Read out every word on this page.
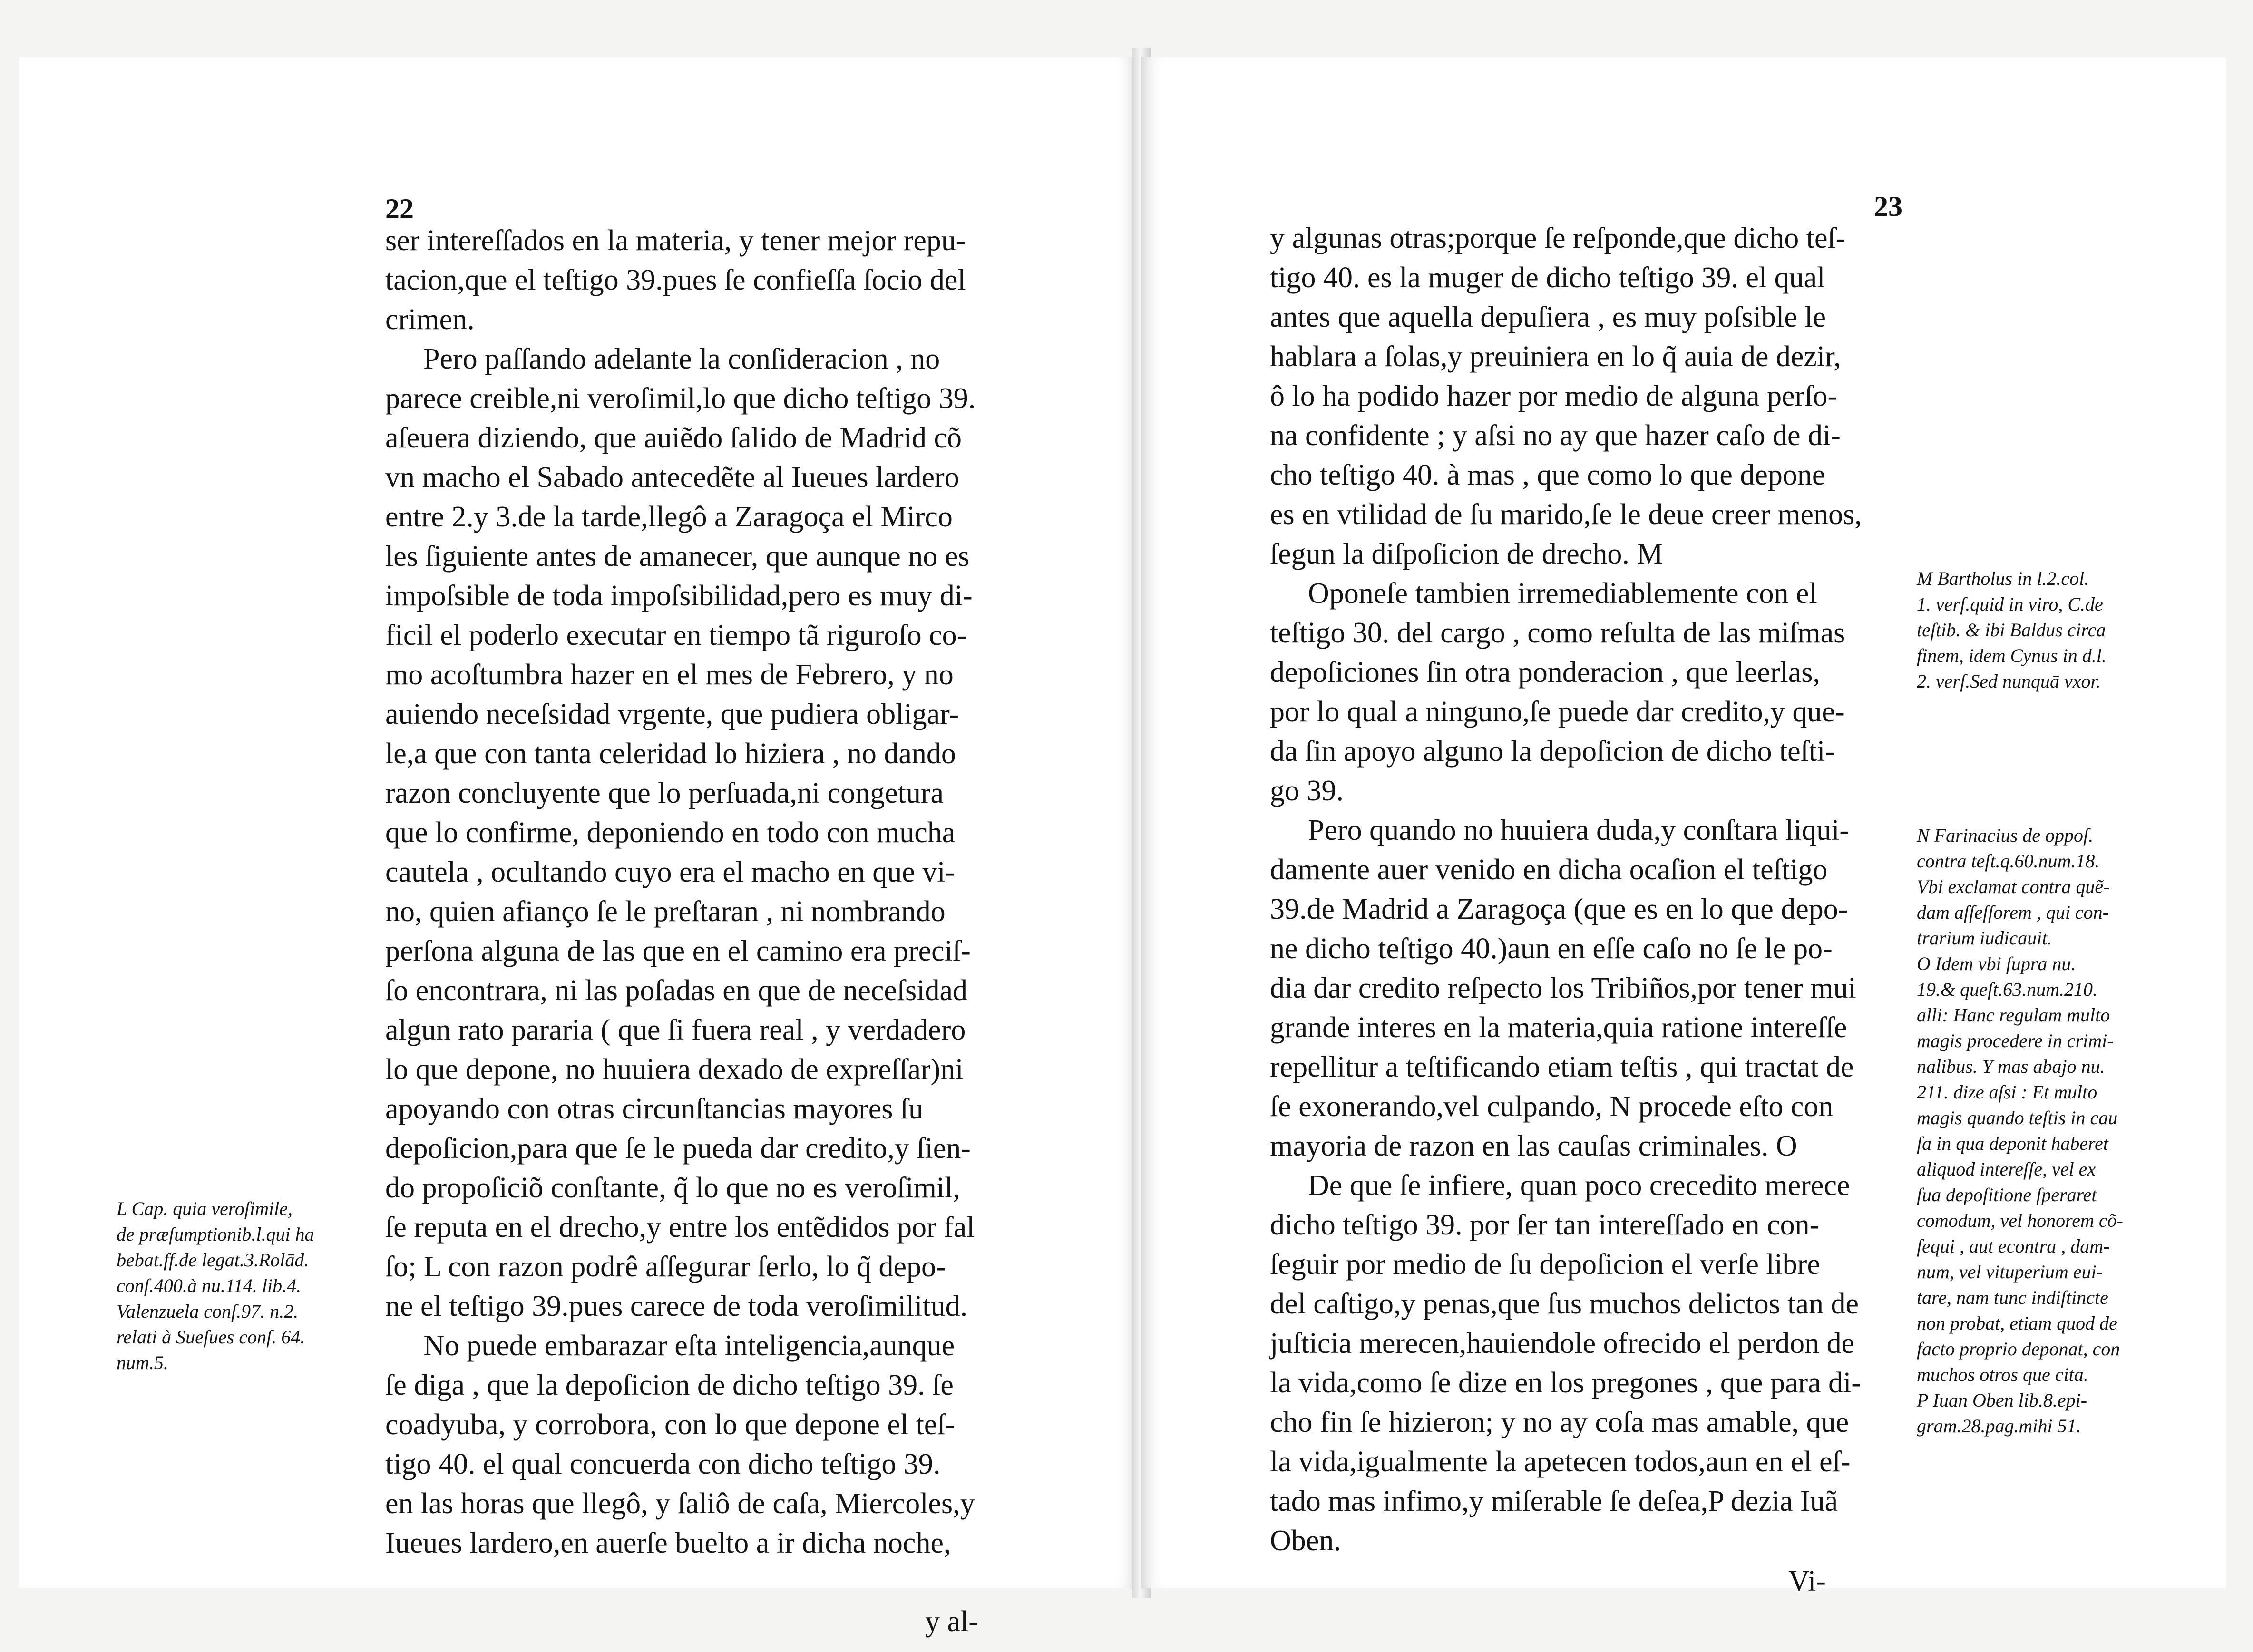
22
ser intereſſados en la materia, y tener mejor repu-
tacion,que el teſtigo 39.pues ſe confieſſa ſocio del
crimen.
Pero paſſando adelante la conſideracion , no
parece creible,ni veroſimil,lo que dicho teſtigo 39.
aſeuera diziendo, que auiẽdo ſalido de Madrid cõ
vn macho el Sabado antecedẽte al Iueues lardero
entre 2.y 3.de la tarde,llegô a Zaragoça el Mirco
les ſiguiente antes de amanecer, que aunque no es
impoſsible de toda impoſsibilidad,pero es muy di-
ficil el poderlo executar en tiempo tã riguroſo co-
mo acoſtumbra hazer en el mes de Febrero, y no
auiendo neceſsidad vrgente, que pudiera obligar-
le,a que con tanta celeridad lo hiziera , no dando
razon concluyente que lo perſuada,ni congetura
que lo confirme, deponiendo en todo con mucha
cautela , ocultando cuyo era el macho en que vi-
no, quien afianço ſe le preſtaran , ni nombrando
perſona alguna de las que en el camino era preciſ-
ſo encontrara, ni las poſadas en que de neceſsidad
algun rato pararia ( que ſi fuera real , y verdadero
lo que depone, no huuiera dexado de expreſſar)ni
apoyando con otras circunſtancias mayores ſu
depoſicion,para que ſe le pueda dar credito,y ſien-
do propoſiciõ conſtante, q̃ lo que no es veroſimil,
ſe reputa en el drecho,y entre los entẽdidos por fal
ſo; L con razon podrê aſſegurar ſerlo, lo q̃ depo-
ne el teſtigo 39.pues carece de toda veroſimilitud.
No puede embarazar eſta inteligencia,aunque
ſe diga , que la depoſicion de dicho teſtigo 39. ſe
coadyuba, y corrobora, con lo que depone el teſ-
tigo 40. el qual concuerda con dicho teſtigo 39.
en las horas que llegô, y ſaliô de caſa, Miercoles,y
Iueues lardero,en auerſe buelto a ir dicha noche,
y al-
L Cap. quia veroſimile,
de præſumptionib.l.qui ha
bebat.ff.de legat.3.Rolād.
conſ.400.à nu.114. lib.4.
Valenzuela conſ.97. n.2.
relati à Sueſues conſ. 64.
num.5.
23
y algunas otras;porque ſe reſponde,que dicho teſ-
tigo 40. es la muger de dicho teſtigo 39. el qual
antes que aquella depuſiera , es muy poſsible le
hablara a ſolas,y preuiniera en lo q̃ auia de dezir,
ô lo ha podido hazer por medio de alguna perſo-
na confidente ; y aſsi no ay que hazer caſo de di-
cho teſtigo 40. à mas , que como lo que depone
es en vtilidad de ſu marido,ſe le deue creer menos,
ſegun la diſpoſicion de drecho. M
Oponeſe tambien irremediablemente con el
teſtigo 30. del cargo , como reſulta de las miſmas
depoſiciones ſin otra ponderacion , que leerlas,
por lo qual a ninguno,ſe puede dar credito,y que-
da ſin apoyo alguno la depoſicion de dicho teſti-
go 39.
Pero quando no huuiera duda,y conſtara liqui-
damente auer venido en dicha ocaſion el teſtigo
39.de Madrid a Zaragoça (que es en lo que depo-
ne dicho teſtigo 40.)aun en eſſe caſo no ſe le po-
dia dar credito reſpecto los Tribiños,por tener mui
grande interes en la materia,quia ratione intereſſe
repellitur a teſtificando etiam teſtis , qui tractat de
ſe exonerando,vel culpando, N procede eſto con
mayoria de razon en las cauſas criminales. O
De que ſe infiere, quan poco crecedito merece
dicho teſtigo 39. por ſer tan intereſſado en con-
ſeguir por medio de ſu depoſicion el verſe libre
del caſtigo,y penas,que ſus muchos delictos tan de
juſticia merecen,hauiendole ofrecido el perdon de
la vida,como ſe dize en los pregones , que para di-
cho fin ſe hizieron; y no ay coſa mas amable, que
la vida,igualmente la apetecen todos,aun en el eſ-
tado mas infimo,y miſerable ſe deſea,P dezia Iuã
Oben.
Vi-
M Bartholus in l.2.col.
1. verſ.quid in viro, C.de
teſtib. & ibi Baldus circa
finem, idem Cynus in d.l.
2. verſ.Sed nunquā vxor.
N Farinacius de oppoſ.
contra teſt.q.60.num.18.
Vbi exclamat contra quẽ-
dam aſſeſſorem , qui con-
trarium iudicauit.
O Idem vbi ſupra nu.
19.& queſt.63.num.210.
alli: Hanc regulam multo
magis procedere in crimi-
nalibus. Y mas abajo nu.
211. dize aſsi : Et multo
magis quando teſtis in cau
ſa in qua deponit haberet
aliquod intereſſe, vel ex
ſua depoſitione ſperaret
comodum, vel honorem cõ-
ſequi , aut econtra , dam-
num, vel vituperium eui-
tare, nam tunc indiſtincte
non probat, etiam quod de
facto proprio deponat, con
muchos otros que cita.
P Iuan Oben lib.8.epi-
gram.28.pag.mihi 51.
